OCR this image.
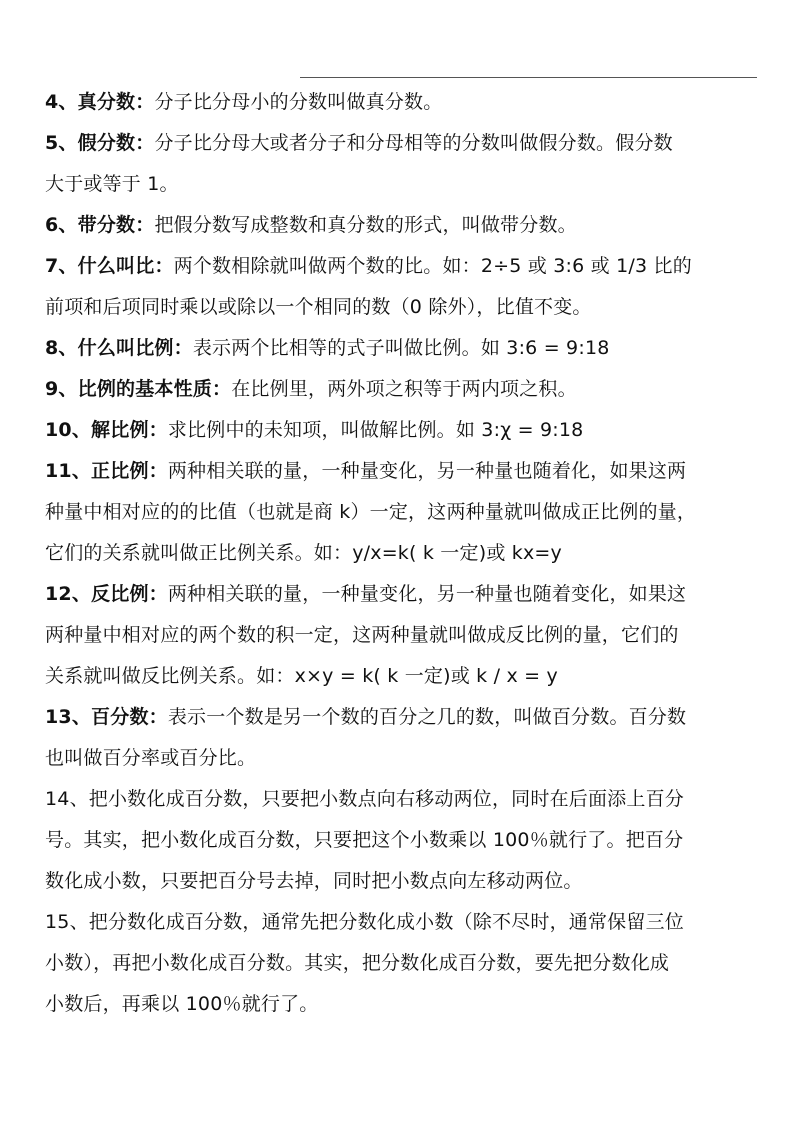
4、真分数：分子比分母小的分数叫做真分数。

5、假分数：分子比分母大或者分子和分母相等的分数叫做假分数。假分数
大于或等于 1。

6、带分数：把假分数写成整数和真分数的形式，叫做带分数。

7、什么叫比：两个数相除就叫做两个数的比。如：2÷5 或 3:6 或 1/3 比的
前项和后项同时乘以或除以一个相同的数（0 除外），比值不变。

8、什么叫比例：表示两个比相等的式子叫做比例。如 3:6 = 9:18

9、比例的基本性质：在比例里，两外项之积等于两内项之积。

10、解比例：求比例中的未知项，叫做解比例。如 3:χ = 9:18

11、正比例：两种相关联的量，一种量变化，另一种量也随着化，如果这两
种量中相对应的的比值（也就是商 k）一定，这两种量就叫做成正比例的量，
它们的关系就叫做正比例关系。如：y/x=k( k 一定)或 kx=y

12、反比例：两种相关联的量，一种量变化，另一种量也随着变化，如果这
两种量中相对应的两个数的积一定，这两种量就叫做成反比例的量，它们的
关系就叫做反比例关系。如：x×y = k( k 一定)或 k / x = y

13、百分数：表示一个数是另一个数的百分之几的数，叫做百分数。百分数
也叫做百分率或百分比。

14、把小数化成百分数，只要把小数点向右移动两位，同时在后面添上百分
号。其实，把小数化成百分数，只要把这个小数乘以 100％就行了。把百分
数化成小数，只要把百分号去掉，同时把小数点向左移动两位。

15、把分数化成百分数，通常先把分数化成小数（除不尽时，通常保留三位
小数），再把小数化成百分数。其实，把分数化成百分数，要先把分数化成
小数后，再乘以 100％就行了。
